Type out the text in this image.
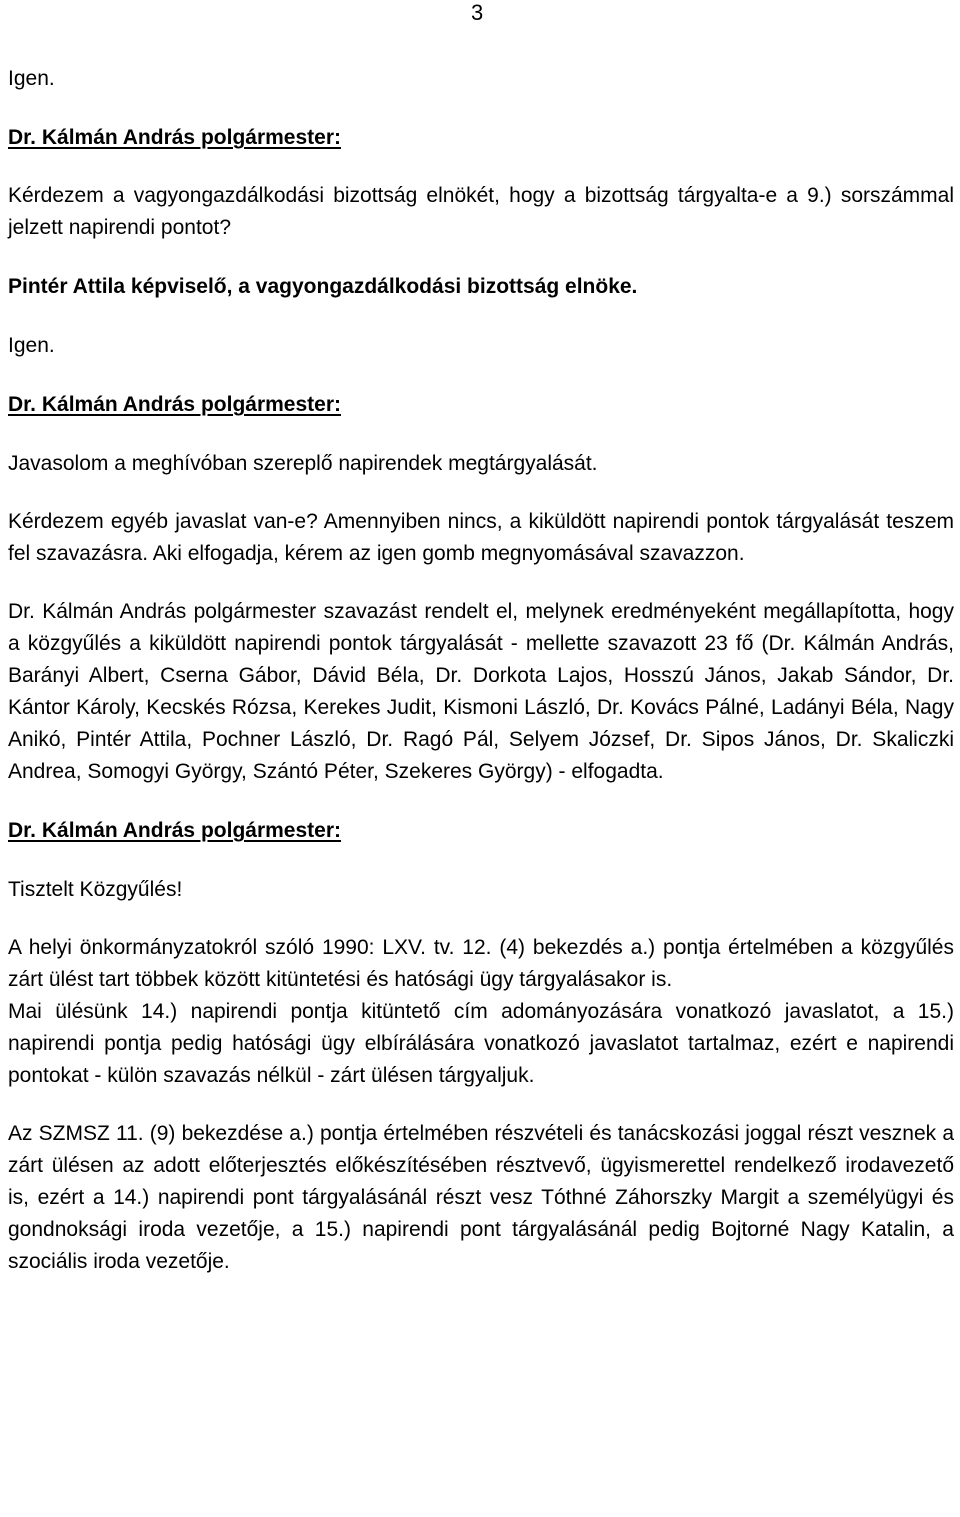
3

Igen.

Dr. Kálmán András polgármester:

Kérdezem a vagyongazdálkodási bizottság elnökét, hogy a bizottság tárgyalta-e a 9.) sorszámmal jelzett napirendi pontot?

Pintér Attila képviselő, a vagyongazdálkodási bizottság elnöke.

Igen.

Dr. Kálmán András polgármester:

Javasolom a meghívóban szereplő napirendek megtárgyalását.

Kérdezem egyéb javaslat van-e? Amennyiben nincs, a kiküldött napirendi pontok tárgyalását teszem fel szavazásra. Aki elfogadja, kérem az igen gomb megnyomásával szavazzon.

Dr. Kálmán András polgármester szavazást rendelt el, melynek eredményeként megállapította, hogy a közgyűlés a kiküldött napirendi pontok tárgyalását - mellette szavazott 23 fő (Dr. Kálmán András, Barányi Albert, Cserna Gábor, Dávid Béla, Dr. Dorkota Lajos, Hosszú János, Jakab Sándor, Dr. Kántor Károly, Kecskés Rózsa, Kerekes Judit, Kismoni László, Dr. Kovács Pálné, Ladányi Béla, Nagy Anikó, Pintér Attila, Pochner László, Dr. Ragó Pál, Selyem József, Dr. Sipos János, Dr. Skaliczki Andrea, Somogyi György, Szántó Péter, Szekeres György) - elfogadta.

Dr. Kálmán András polgármester:

Tisztelt Közgyűlés!

A helyi önkormányzatokról szóló 1990: LXV. tv. 12. (4) bekezdés a.) pontja értelmében a közgyűlés zárt ülést tart többek között kitüntetési és hatósági ügy tárgyalásakor is.

Mai ülésünk 14.) napirendi pontja kitüntető cím adományozására vonatkozó javaslatot, a 15.) napirendi pontja pedig hatósági ügy elbírálására vonatkozó javaslatot tartalmaz, ezért e napirendi pontokat - külön szavazás nélkül - zárt ülésen tárgyaljuk.

Az SZMSZ 11. (9) bekezdése a.) pontja értelmében részvételi és tanácskozási joggal részt vesznek a zárt ülésen az adott előterjesztés előkészítésében résztvevő, ügyismerettel rendelkező irodavezető is, ezért a 14.) napirendi pont tárgyalásánál részt vesz Tóthné Záhorszky Margit a személyügyi és gondnoksági iroda vezetője, a 15.) napirendi pont tárgyalásánál pedig Bojtorné Nagy Katalin, a szociális iroda vezetője.
